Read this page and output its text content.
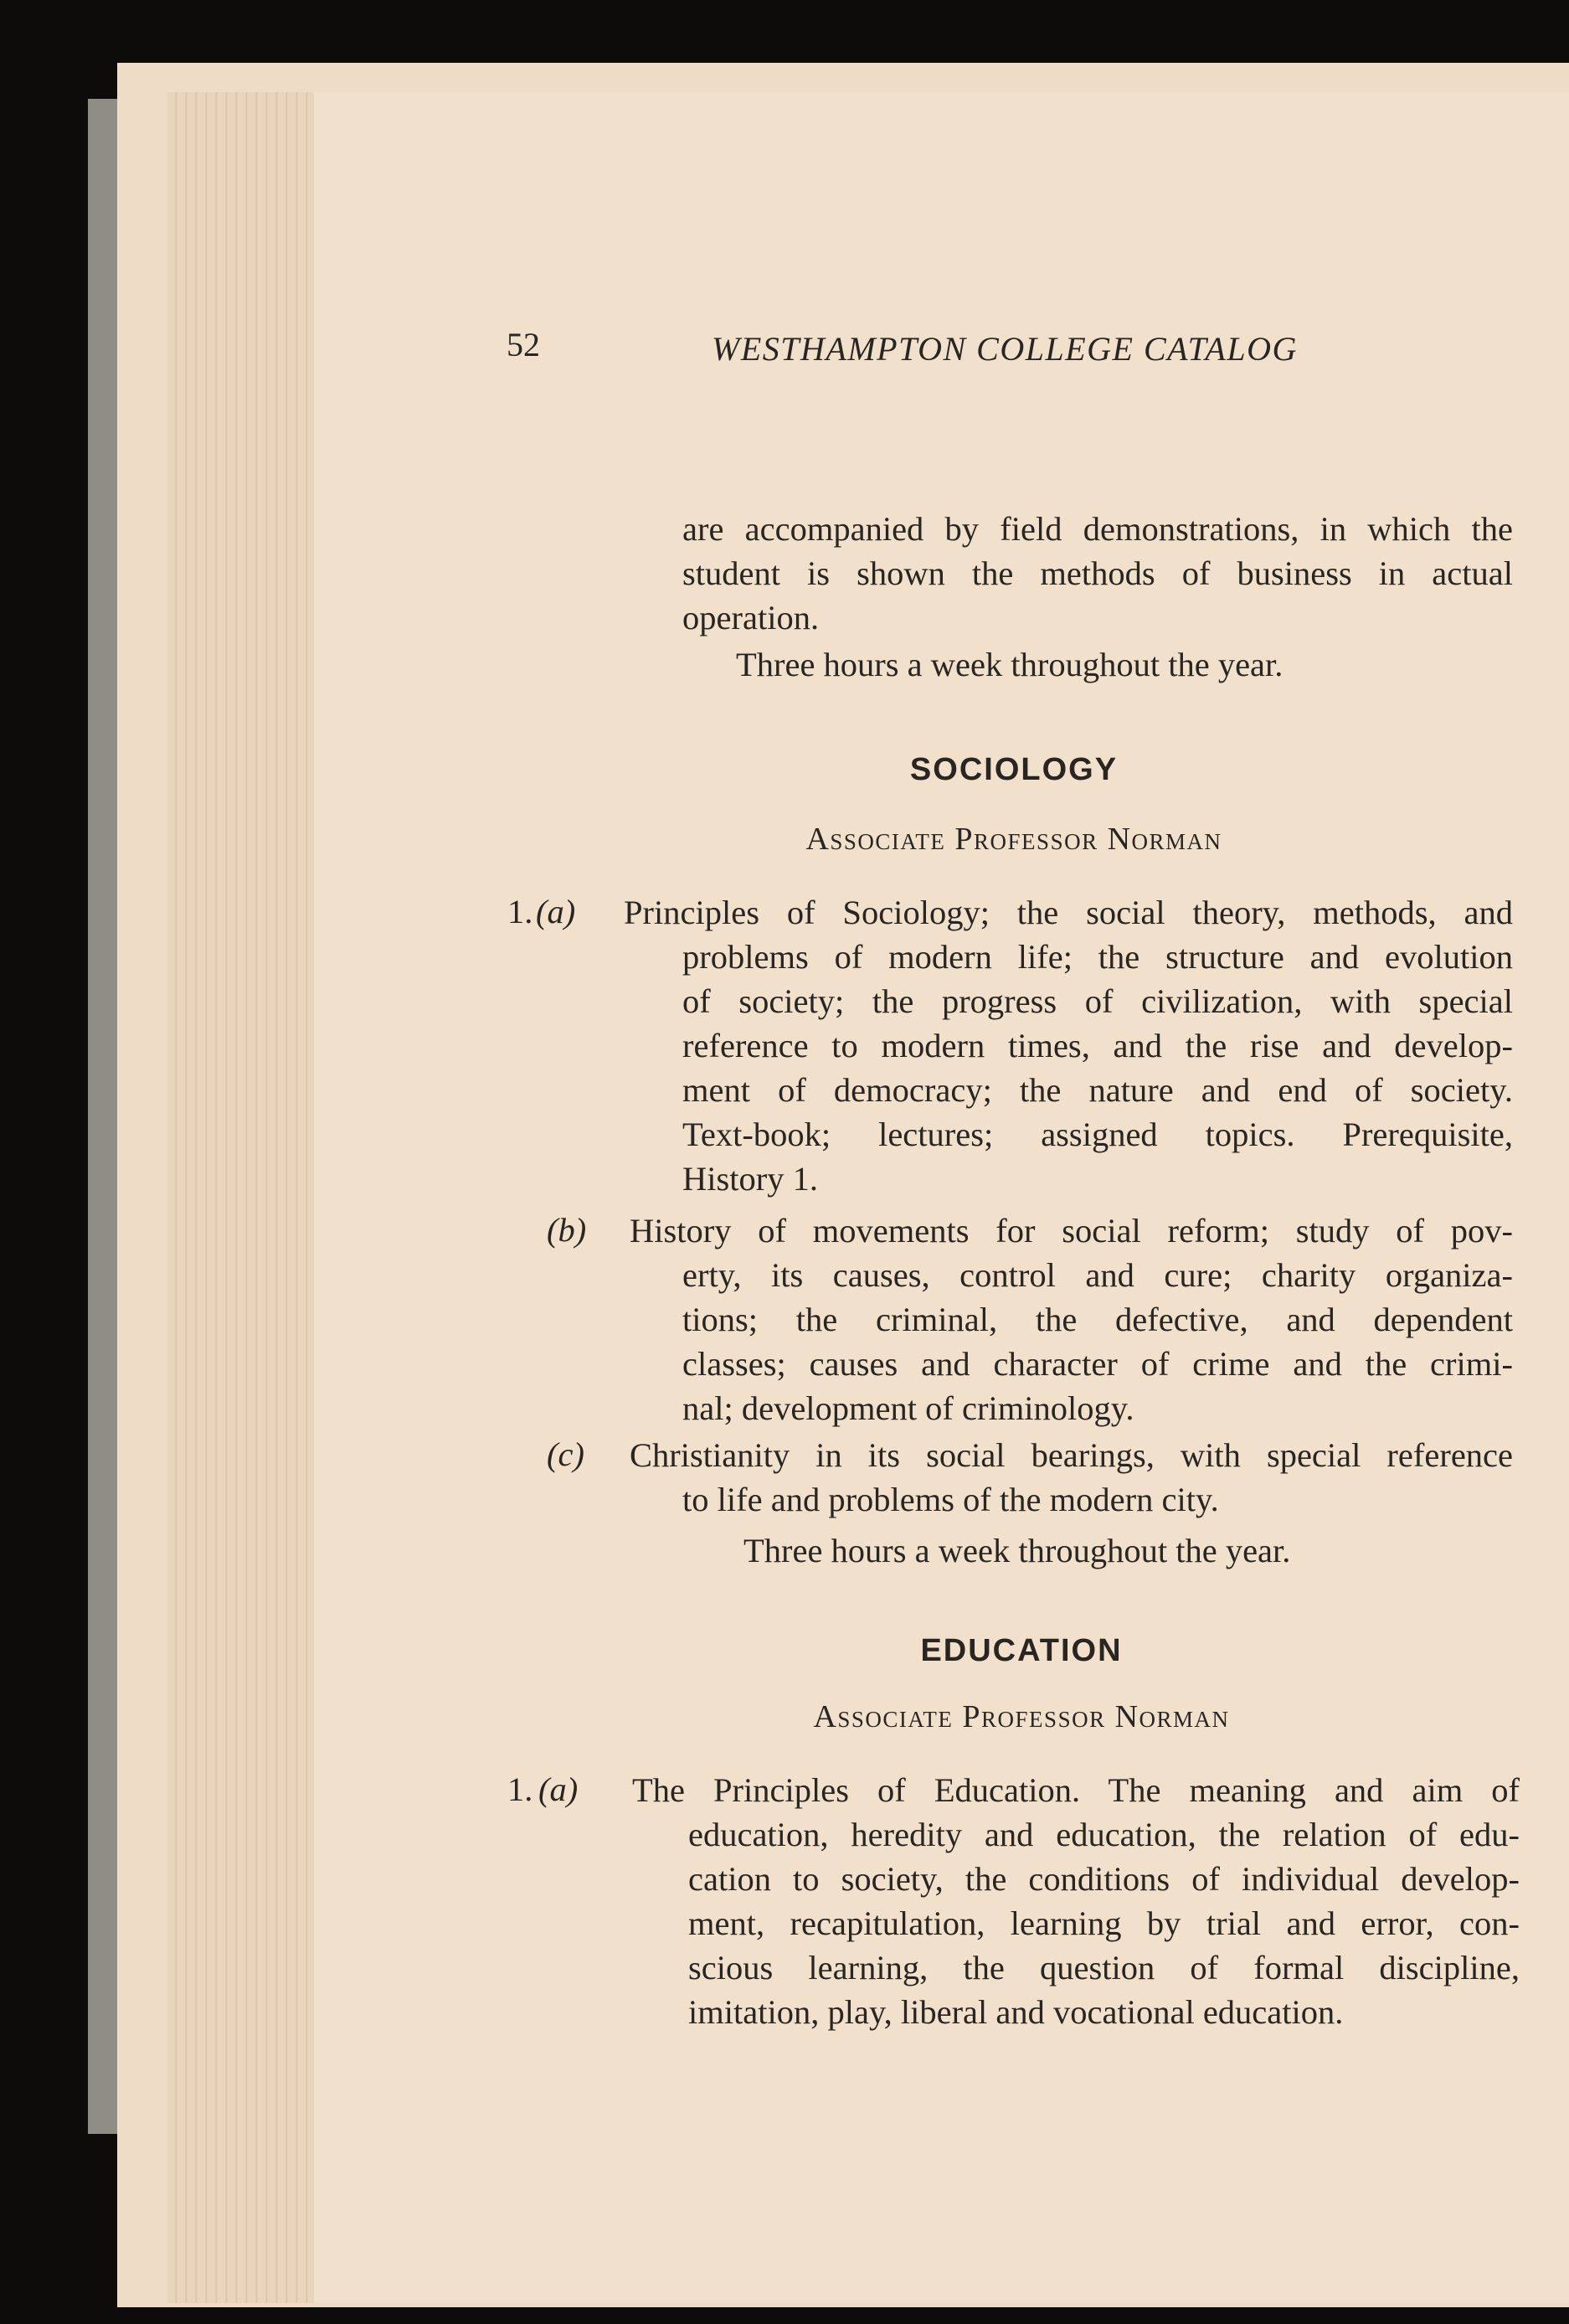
52	WESTHAMPTON COLLEGE CATALOG
are accompanied by field demonstrations, in which the
student is shown the methods of business in actual
operation.
Three hours a week throughout the year.
SOCIOLOGY
Associate Professor Norman
1. (a) Principles of Sociology; the social theory, methods, and
problems of modern life; the structure and evolution
of society; the progress of civilization, with special
reference to modern times, and the rise and develop-
ment of democracy; the nature and end of society.
Text-book; lectures; assigned topics. Prerequisite,
History 1.
(b) History of movements for social reform; study of pov-
erty, its causes, control and cure; charity organiza-
tions; the criminal, the defective, and dependent
classes; causes and character of crime and the crimi-
nal; development of criminology.
(c) Christianity in its social bearings, with special reference
to life and problems of the modern city.
Three hours a week throughout the year.
EDUCATION
Associate Professor Norman
1. (a) The Principles of Education. The meaning and aim of
education, heredity and education, the relation of edu-
cation to society, the conditions of individual develop-
ment, recapitulation, learning by trial and error, con-
scious learning, the question of formal discipline,
imitation, play, liberal and vocational education.
